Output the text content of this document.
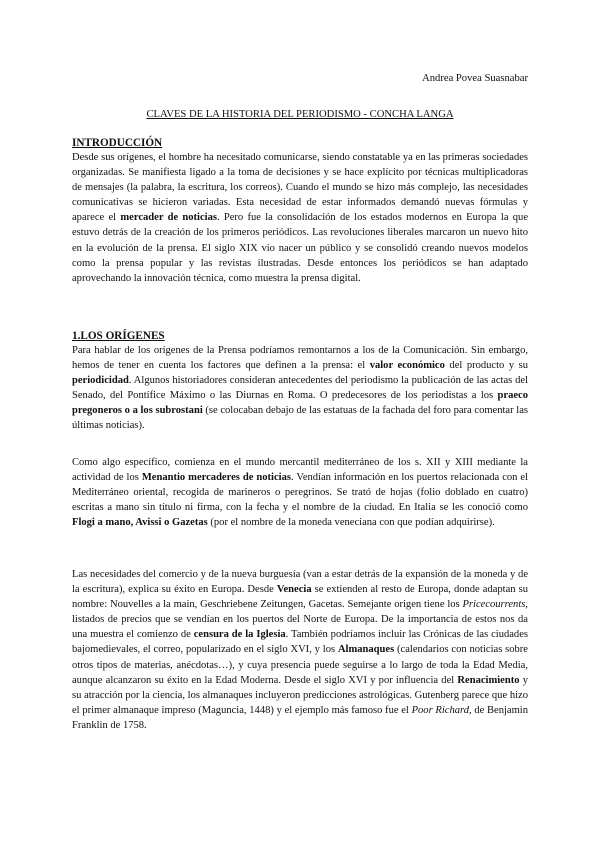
Andrea Povea Suasnabar
CLAVES DE LA HISTORIA DEL PERIODISMO - CONCHA LANGA
INTRODUCCIÓN

Desde sus orígenes, el hombre ha necesitado comunicarse, siendo constatable ya en las primeras sociedades organizadas. Se manifiesta ligado a la toma de decisiones y se hace explícito por técnicas multiplicadoras de mensajes (la palabra, la escritura, los correos). Cuando el mundo se hizo más complejo, las necesidades comunicativas se hicieron variadas. Esta necesidad de estar informados demandó nuevas fórmulas y aparece el mercader de noticias. Pero fue la consolidación de los estados modernos en Europa la que estuvo detrás de la creación de los primeros periódicos. Las revoluciones liberales marcaron un nuevo hito en la evolución de la prensa. El siglo XIX vio nacer un público y se consolidó creando nuevos modelos como la prensa popular y las revistas ilustradas. Desde entonces los periódicos se han adaptado aprovechando la innovación técnica, como muestra la prensa digital.

1.LOS ORÍGENES

Para hablar de los orígenes de la Prensa podríamos remontarnos a los de la Comunicación. Sin embargo, hemos de tener en cuenta los factores que definen a la prensa: el valor económico del producto y su periodicidad. Algunos historiadores consideran antecedentes del periodismo la publicación de las actas del Senado, del Pontífice Máximo o las Diurnas en Roma. O predecesores de los periodistas a los praeco pregoneros o a los subrostani (se colocaban debajo de las estatuas de la fachada del foro para comentar las últimas noticias).

Como algo específico, comienza en el mundo mercantil mediterráneo de los s. XII y XIII mediante la actividad de los Menantio mercaderes de noticias. Vendían información en los puertos relacionada con el Mediterráneo oriental, recogida de marineros o peregrinos. Se trató de hojas (folio doblado en cuatro) escritas a mano sin título ni firma, con la fecha y el nombre de la ciudad. En Italia se les conoció como Flogi a mano, Avissi o Gazetas (por el nombre de la moneda veneciana con que podían adquirirse).

Las necesidades del comercio y de la nueva burguesía (van a estar detrás de la expansión de la moneda y de la escritura), explica su éxito en Europa. Desde Venecia se extienden al resto de Europa, donde adaptan su nombre: Nouvelles a la main, Geschriebene Zeitungen, Gacetas. Semejante origen tiene los Pricecourrents, listados de precios que se vendían en los puertos del Norte de Europa. De la importancia de estos nos da una muestra el comienzo de censura de la Iglesia. También podríamos incluir las Crónicas de las ciudades bajomedievales, el correo, popularizado en el siglo XVI, y los Almanaques (calendarios con noticias sobre otros tipos de materias, anécdotas…), y cuya presencia puede seguirse a lo largo de toda la Edad Media, aunque alcanzaron su éxito en la Edad Moderna. Desde el siglo XVI y por influencia del Renacimiento y su atracción por la ciencia, los almanaques incluyeron predicciones astrológicas. Gutenberg parece que hizo el primer almanaque impreso (Maguncia, 1448) y el ejemplo más famoso fue el Poor Richard, de Benjamin Franklin de 1758.
